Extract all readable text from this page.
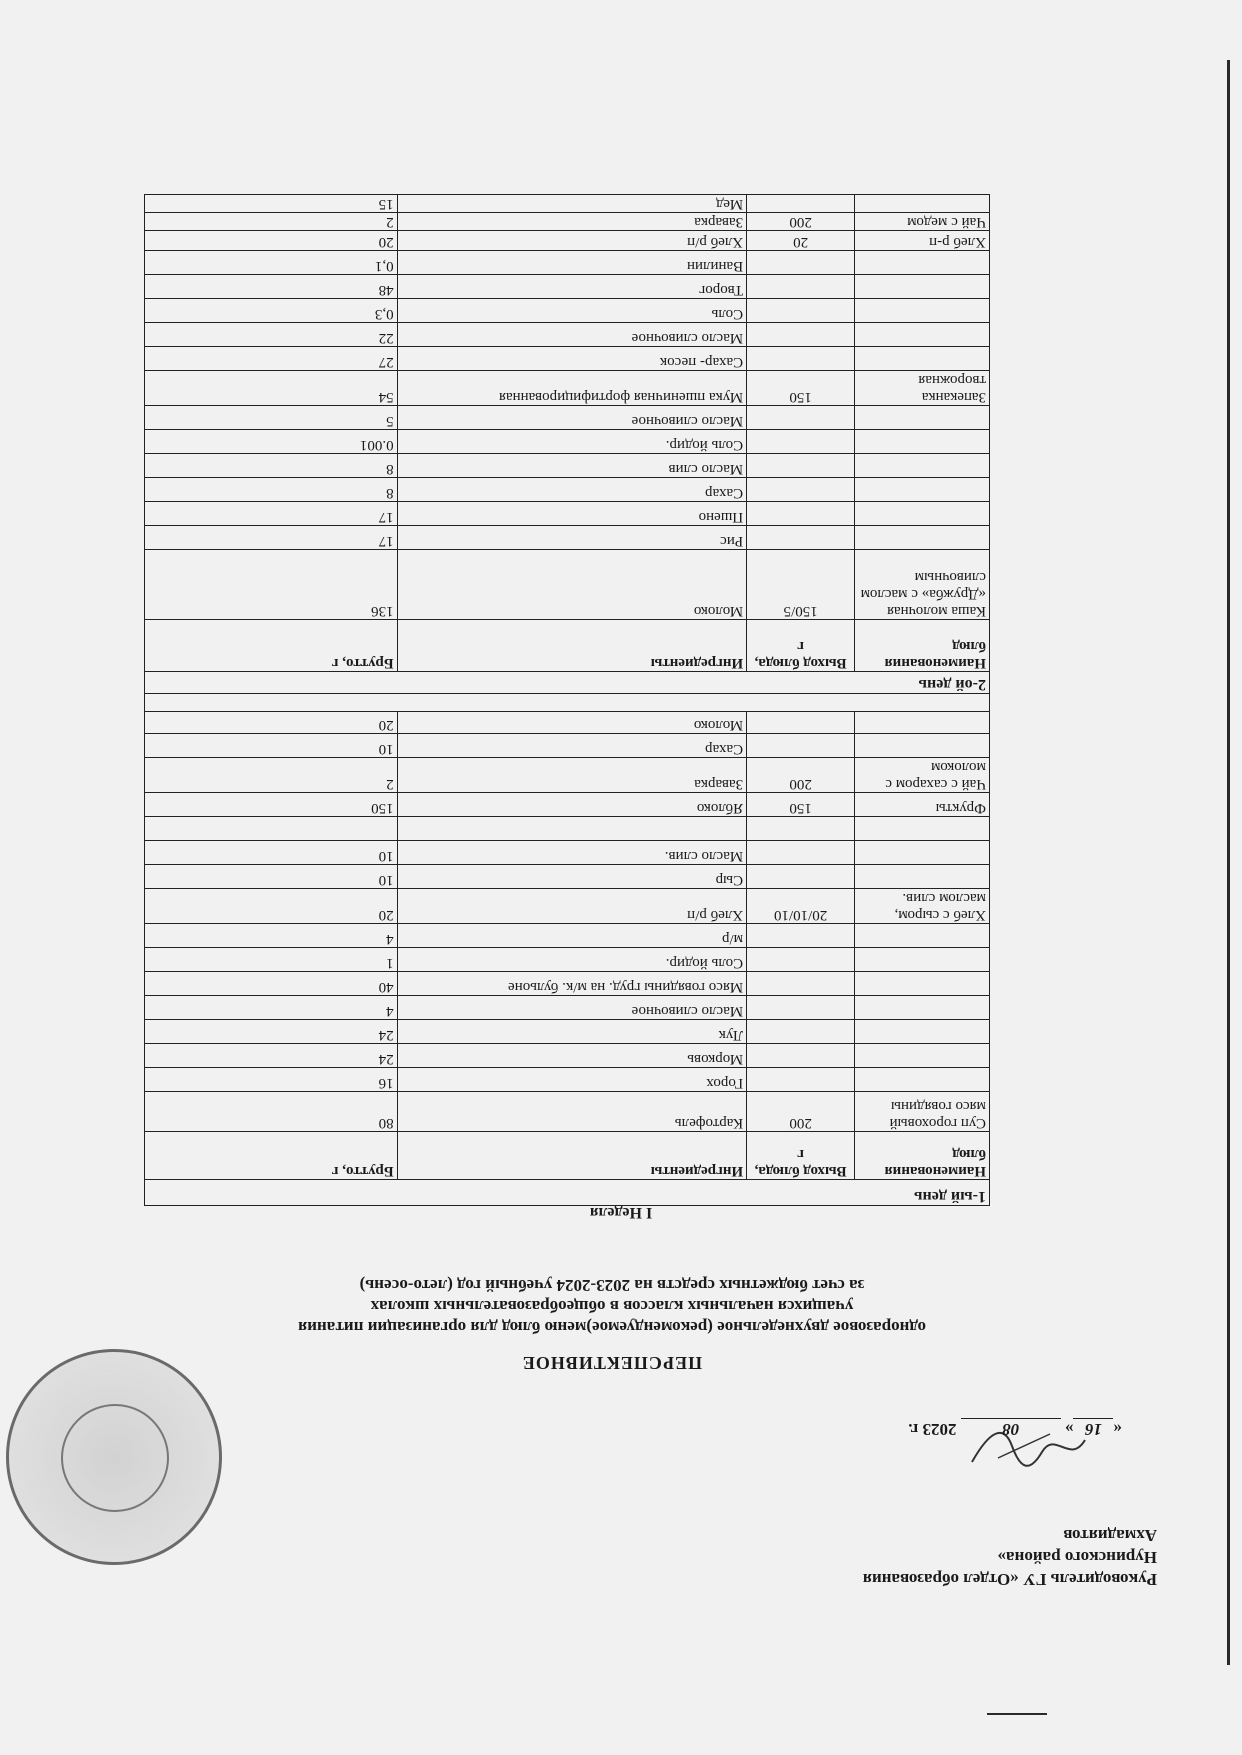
Руководитель ГУ «Отдел образования
Нуринского района»
Ахмадиятов
«16» 08 2023 г.
ПЕРСПЕКТИВНОЕ
одноразовое двухнедельное (рекомендуемое)меню блюд для организации питания
учащихся начальных классов в общеобразовательных школах
за счет бюджетных средств на 2023-2024 учебный год (лето-осень)
I Неделя
1-ый день			
Наименования блюд	Выход блюда, г	Ингредиенты	Брутто, г
Суп гороховый мясо говядины	200	Картофель	80
		Горох	16
		Морковь	24
		Лук	24
		Масло сливочное	4
		Мясо говядины груд. на м/к. бульоне	40
		Соль йодир.	1
		м/р	4
Хлеб с сыром, маслом слив.	20/10/10	Хлеб р/п	20
		Сыр	10
		Масло слив.	10

Фрукты	150	Яблоко	150
Чай с сахаром с молоком	200	Заварка	2
		Сахар	10
		Молоко	20

2-ой день			
Наименования блюд	Выход блюда, г	Ингредиенты	Брутто, г
Каша молочная «Дружба» с маслом сливочным	150/5	Молоко	136
		Рис	17
		Пшено	17
		Сахар	8
		Масло слив	8
		Соль йодир.	0.001
		Масло сливочное	5
Запеканка творожная	150	Мука пшеничная фортифицированная	54
		Сахар- песок	27
		Масло сливочное	22
		Соль	0,3
		Творог	48
		Ванилин	0,1
Хлеб р-п	20	Хлеб р/п	20
Чай с медом	200	Заварка	2
		Мед	15
